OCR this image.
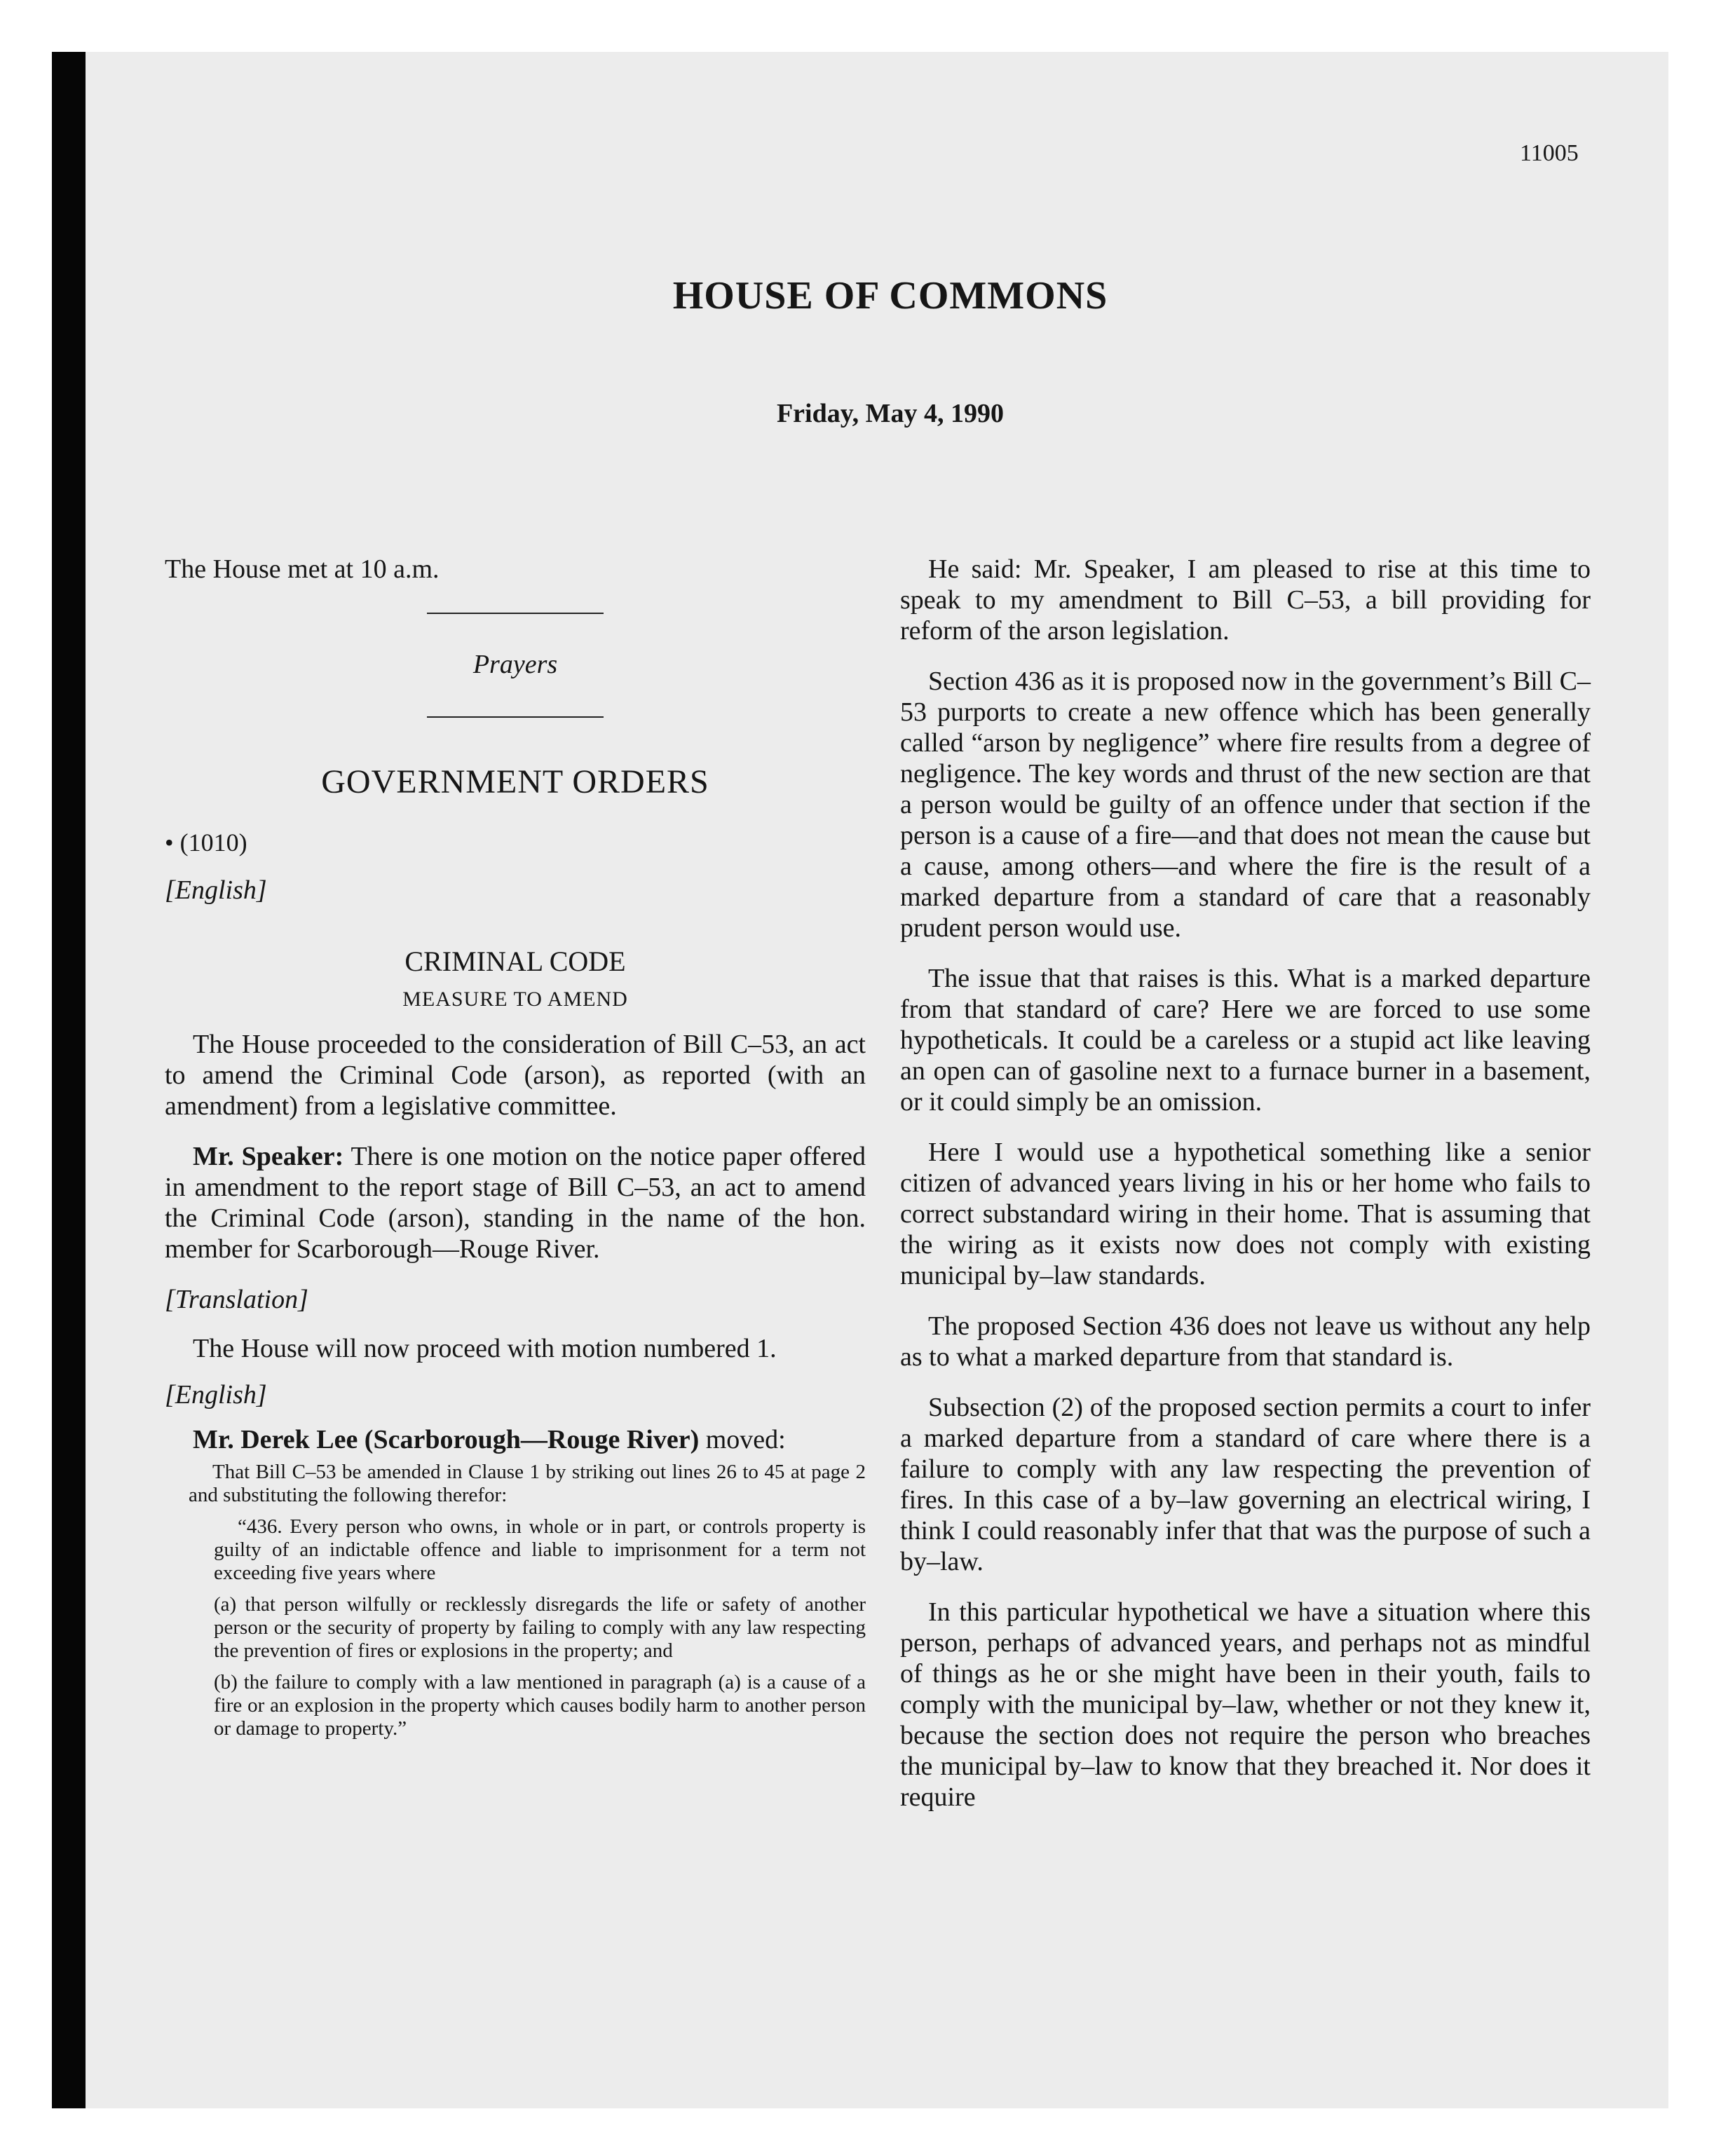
11005
HOUSE OF COMMONS
Friday, May 4, 1990
The House met at 10 a.m.
Prayers
GOVERNMENT ORDERS
• (1010)
[English]
CRIMINAL CODE
MEASURE TO AMEND

The House proceeded to the consideration of Bill C–53, an act to amend the Criminal Code (arson), as reported (with an amendment) from a legislative committee.

Mr. Speaker: There is one motion on the notice paper offered in amendment to the report stage of Bill C–53, an act to amend the Criminal Code (arson), standing in the name of the hon. member for Scarborough—Rouge River.

[Translation]

The House will now proceed with motion numbered 1.

[English]

Mr. Derek Lee (Scarborough—Rouge River) moved:

That Bill C–53 be amended in Clause 1 by striking out lines 26 to 45 at page 2 and substituting the following therefor:
“436. Every person who owns, in whole or in part, or controls property is guilty of an indictable offence and liable to imprisonment for a term not exceeding five years where
(a) that person wilfully or recklessly disregards the life or safety of another person or the security of property by failing to comply with any law respecting the prevention of fires or explosions in the property; and
(b) the failure to comply with a law mentioned in paragraph (a) is a cause of a fire or an explosion in the property which causes bodily harm to another person or damage to property.”

He said: Mr. Speaker, I am pleased to rise at this time to speak to my amendment to Bill C–53, a bill providing for reform of the arson legislation.

Section 436 as it is proposed now in the government’s Bill C–53 purports to create a new offence which has been generally called “arson by negligence” where fire results from a degree of negligence. The key words and thrust of the new section are that a person would be guilty of an offence under that section if the person is a cause of a fire—and that does not mean the cause but a cause, among others—and where the fire is the result of a marked departure from a standard of care that a reasonably prudent person would use.

The issue that that raises is this. What is a marked departure from that standard of care? Here we are forced to use some hypotheticals. It could be a careless or a stupid act like leaving an open can of gasoline next to a furnace burner in a basement, or it could simply be an omission.

Here I would use a hypothetical something like a senior citizen of advanced years living in his or her home who fails to correct substandard wiring in their home. That is assuming that the wiring as it exists now does not comply with existing municipal by–law standards.

The proposed Section 436 does not leave us without any help as to what a marked departure from that standard is.

Subsection (2) of the proposed section permits a court to infer a marked departure from a standard of care where there is a failure to comply with any law respecting the prevention of fires. In this case of a by–law governing an electrical wiring, I think I could reasonably infer that that was the purpose of such a by–law.

In this particular hypothetical we have a situation where this person, perhaps of advanced years, and perhaps not as mindful of things as he or she might have been in their youth, fails to comply with the municipal by–law, whether or not they knew it, because the section does not require the person who breaches the municipal by–law to know that they breached it. Nor does it require
